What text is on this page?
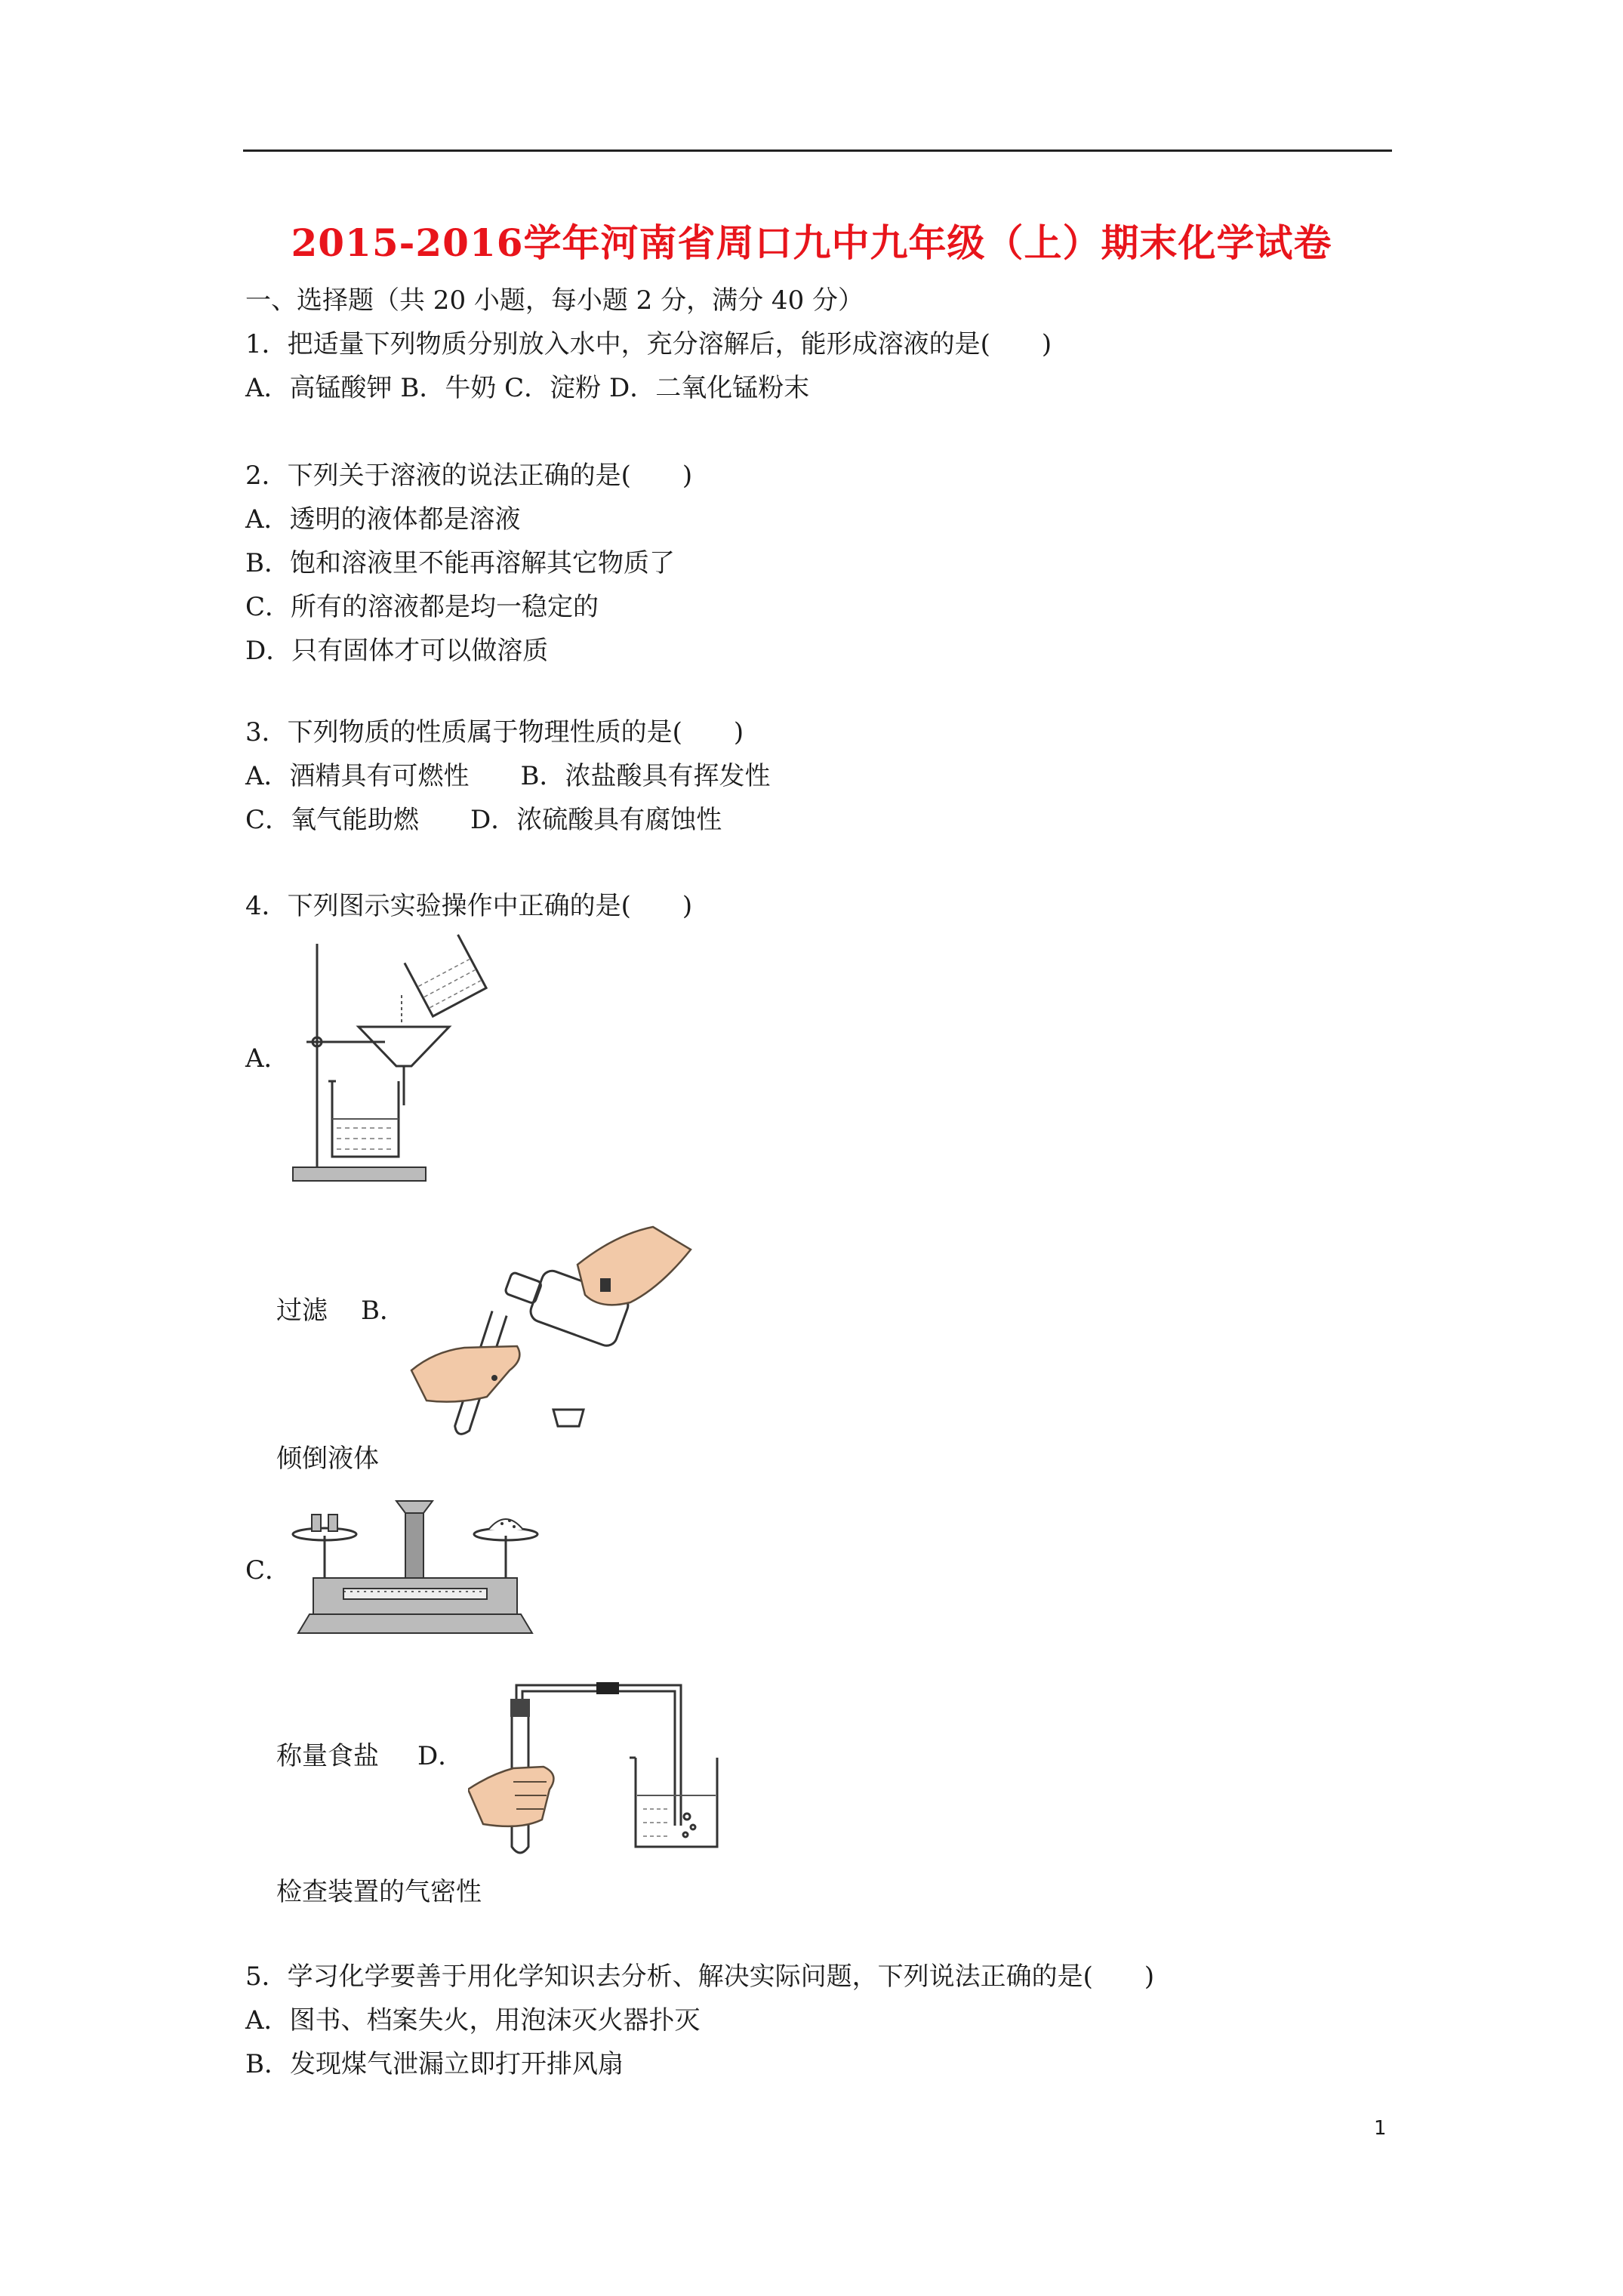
2015-2016学年河南省周口九中九年级（上）期末化学试卷
一、选择题（共 20 小题，每小题 2 分，满分 40 分）
1．把适量下列物质分别放入水中，充分溶解后，能形成溶液的是(　　)
A．高锰酸钾 B．牛奶 C．淀粉 D．二氧化锰粉末
2．下列关于溶液的说法正确的是(　　)
A．透明的液体都是溶液
B．饱和溶液里不能再溶解其它物质了
C．所有的溶液都是均一稳定的
D．只有固体才可以做溶质
3．下列物质的性质属于物理性质的是(　　)
A．酒精具有可燃性　　B．浓盐酸具有挥发性
C．氧气能助燃　　D．浓硫酸具有腐蚀性
4．下列图示实验操作中正确的是(　　)
A．
过滤 B．
倾倒液体
C．
称量食盐 D．
检查装置的气密性
5．学习化学要善于用化学知识去分析、解决实际问题，下列说法正确的是(　　)
A．图书、档案失火，用泡沫灭火器扑灭
B．发现煤气泄漏立即打开排风扇
1
